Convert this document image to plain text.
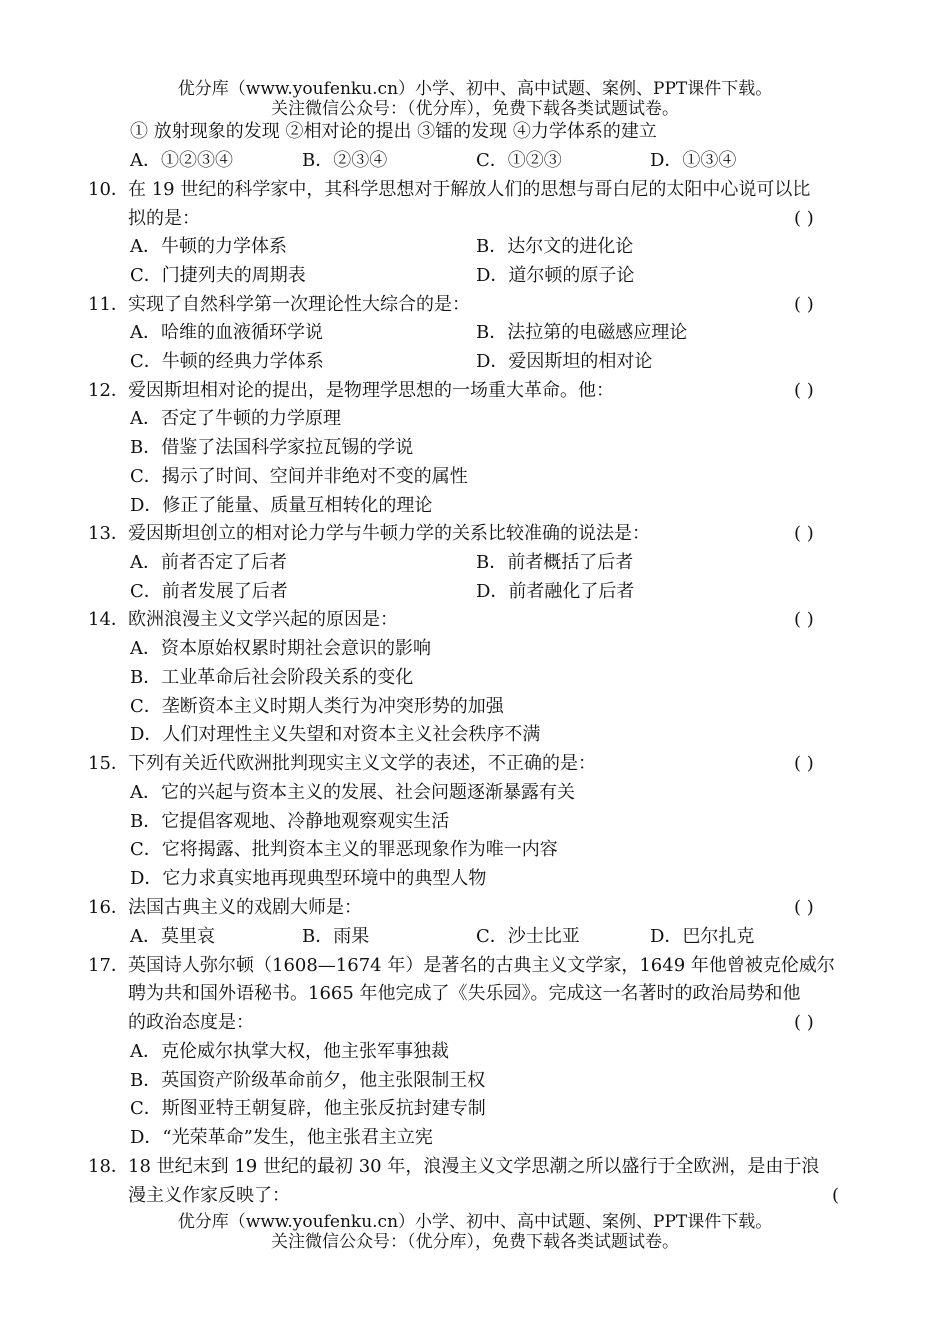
优分库（www.youfenku.cn）小学、初中、高中试题、案例、PPT课件下载。
关注微信公众号：（优分库），免费下载各类试题试卷。
① 放射现象的发现 ②相对论的提出 ③镭的发现 ④力学体系的建立
A．①②③④	B．②③④	C．①②③	D．①③④
10． 在 19 世纪的科学家中，其科学思想对于解放人们的思想与哥白尼的太阳中心说可以比
拟的是：	( )
A．牛顿的力学体系	B．达尔文的进化论
C．门捷列夫的周期表	D．道尔顿的原子论
11． 实现了自然科学第一次理论性大综合的是：	( )
A．哈维的血液循环学说	B．法拉第的电磁感应理论
C．牛顿的经典力学体系	D．爱因斯坦的相对论
12． 爱因斯坦相对论的提出，是物理学思想的一场重大革命。他：	( )
A．否定了牛顿的力学原理
B．借鉴了法国科学家拉瓦锡的学说
C．揭示了时间、空间并非绝对不变的属性
D．修正了能量、质量互相转化的理论
13． 爱因斯坦创立的相对论力学与牛顿力学的关系比较准确的说法是：	( )
A．前者否定了后者	B．前者概括了后者
C．前者发展了后者	D．前者融化了后者
14． 欧洲浪漫主义文学兴起的原因是：	( )
A．资本原始权累时期社会意识的影响
B．工业革命后社会阶段关系的变化
C．垄断资本主义时期人类行为冲突形势的加强
D．人们对理性主义失望和对资本主义社会秩序不满
15． 下列有关近代欧洲批判现实主义文学的表述，不正确的是：	( )
A．它的兴起与资本主义的发展、社会问题逐渐暴露有关
B．它提倡客观地、冷静地观察观实生活
C．它将揭露、批判资本主义的罪恶现象作为唯一内容
D．它力求真实地再现典型环境中的典型人物
16． 法国古典主义的戏剧大师是：	( )
A．莫里哀	B．雨果	C．沙士比亚	D．巴尔扎克
17． 英国诗人弥尔顿（1608—1674 年）是著名的古典主义文学家，1649 年他曾被克伦威尔
聘为共和国外语秘书。1665 年他完成了《失乐园》。完成这一名著时的政治局势和他
的政治态度是：	( )
A．克伦威尔执掌大权，他主张军事独裁
B．英国资产阶级革命前夕，他主张限制王权
C．斯图亚特王朝复辟，他主张反抗封建专制
D．“光荣革命”发生，他主张君主立宪
18． 18 世纪末到 19 世纪的最初 30 年，浪漫主义文学思潮之所以盛行于全欧洲，是由于浪
漫主义作家反映了：	(
优分库（www.youfenku.cn）小学、初中、高中试题、案例、PPT课件下载。
关注微信公众号：（优分库），免费下载各类试题试卷。
